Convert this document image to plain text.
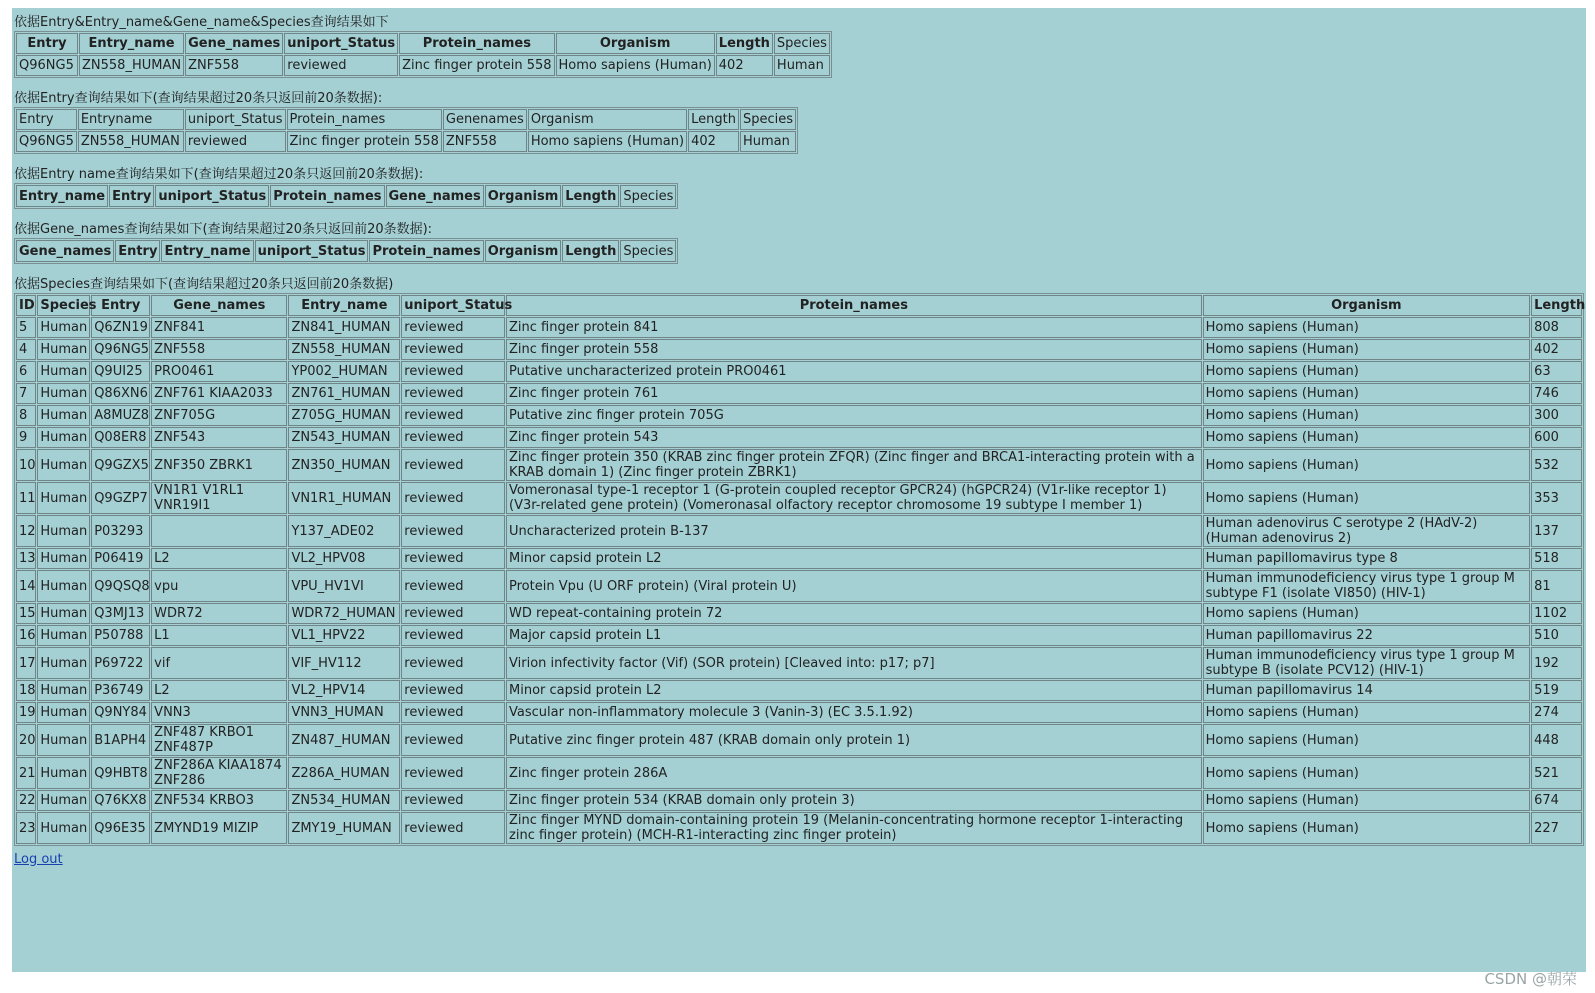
依据Entry&Entry_name&Gene_name&Species查询结果如下
Entry	Entry_name	Gene_names	uniport_Status	Protein_names	Organism	Length	Species
Q96NG5	ZN558_HUMAN	ZNF558	reviewed	Zinc finger protein 558	Homo sapiens (Human)	402	Human
依据Entry查询结果如下(查询结果超过20条只返回前20条数据):
Entry	Entryname	uniport_Status	Protein_names	Genenames	Organism	Length	Species
Q96NG5	ZN558_HUMAN	reviewed	Zinc finger protein 558	ZNF558	Homo sapiens (Human)	402	Human
依据Entry name查询结果如下(查询结果超过20条只返回前20条数据):
Entry_name	Entry	uniport_Status	Protein_names	Gene_names	Organism	Length	Species
依据Gene_names查询结果如下(查询结果超过20条只返回前20条数据):
Gene_names	Entry	Entry_name	uniport_Status	Protein_names	Organism	Length	Species
依据Species查询结果如下(查询结果超过20条只返回前20条数据)
ID	Species	Entry	Gene_names	Entry_name	uniport_Status	Protein_names	Organism	Length
5	Human	Q6ZN19	ZNF841	ZN841_HUMAN	reviewed	Zinc finger protein 841	Homo sapiens (Human)	808
4	Human	Q96NG5	ZNF558	ZN558_HUMAN	reviewed	Zinc finger protein 558	Homo sapiens (Human)	402
6	Human	Q9UI25	PRO0461	YP002_HUMAN	reviewed	Putative uncharacterized protein PRO0461	Homo sapiens (Human)	63
7	Human	Q86XN6	ZNF761 KIAA2033	ZN761_HUMAN	reviewed	Zinc finger protein 761	Homo sapiens (Human)	746
8	Human	A8MUZ8	ZNF705G	Z705G_HUMAN	reviewed	Putative zinc finger protein 705G	Homo sapiens (Human)	300
9	Human	Q08ER8	ZNF543	ZN543_HUMAN	reviewed	Zinc finger protein 543	Homo sapiens (Human)	600
10	Human	Q9GZX5	ZNF350 ZBRK1	ZN350_HUMAN	reviewed	Zinc finger protein 350 (KRAB zinc finger protein ZFQR) (Zinc finger and BRCA1-interacting protein with a KRAB domain 1) (Zinc finger protein ZBRK1)	Homo sapiens (Human)	532
11	Human	Q9GZP7	VN1R1 V1RL1 VNR19I1	VN1R1_HUMAN	reviewed	Vomeronasal type-1 receptor 1 (G-protein coupled receptor GPCR24) (hGPCR24) (V1r-like receptor 1) (V3r-related gene protein) (Vomeronasal olfactory receptor chromosome 19 subtype I member 1)	Homo sapiens (Human)	353
12	Human	P03293		Y137_ADE02	reviewed	Uncharacterized protein B-137	Human adenovirus C serotype 2 (HAdV-2) (Human adenovirus 2)	137
13	Human	P06419	L2	VL2_HPV08	reviewed	Minor capsid protein L2	Human papillomavirus type 8	518
14	Human	Q9QSQ8	vpu	VPU_HV1VI	reviewed	Protein Vpu (U ORF protein) (Viral protein U)	Human immunodeficiency virus type 1 group M subtype F1 (isolate VI850) (HIV-1)	81
15	Human	Q3MJ13	WDR72	WDR72_HUMAN	reviewed	WD repeat-containing protein 72	Homo sapiens (Human)	1102
16	Human	P50788	L1	VL1_HPV22	reviewed	Major capsid protein L1	Human papillomavirus 22	510
17	Human	P69722	vif	VIF_HV112	reviewed	Virion infectivity factor (Vif) (SOR protein) [Cleaved into: p17; p7]	Human immunodeficiency virus type 1 group M subtype B (isolate PCV12) (HIV-1)	192
18	Human	P36749	L2	VL2_HPV14	reviewed	Minor capsid protein L2	Human papillomavirus 14	519
19	Human	Q9NY84	VNN3	VNN3_HUMAN	reviewed	Vascular non-inflammatory molecule 3 (Vanin-3) (EC 3.5.1.92)	Homo sapiens (Human)	274
20	Human	B1APH4	ZNF487 KRBO1 ZNF487P	ZN487_HUMAN	reviewed	Putative zinc finger protein 487 (KRAB domain only protein 1)	Homo sapiens (Human)	448
21	Human	Q9HBT8	ZNF286A KIAA1874 ZNF286	Z286A_HUMAN	reviewed	Zinc finger protein 286A	Homo sapiens (Human)	521
22	Human	Q76KX8	ZNF534 KRBO3	ZN534_HUMAN	reviewed	Zinc finger protein 534 (KRAB domain only protein 3)	Homo sapiens (Human)	674
23	Human	Q96E35	ZMYND19 MIZIP	ZMY19_HUMAN	reviewed	Zinc finger MYND domain-containing protein 19 (Melanin-concentrating hormone receptor 1-interacting zinc finger protein) (MCH-R1-interacting zinc finger protein)	Homo sapiens (Human)	227
Log out
CSDN @朝荣
